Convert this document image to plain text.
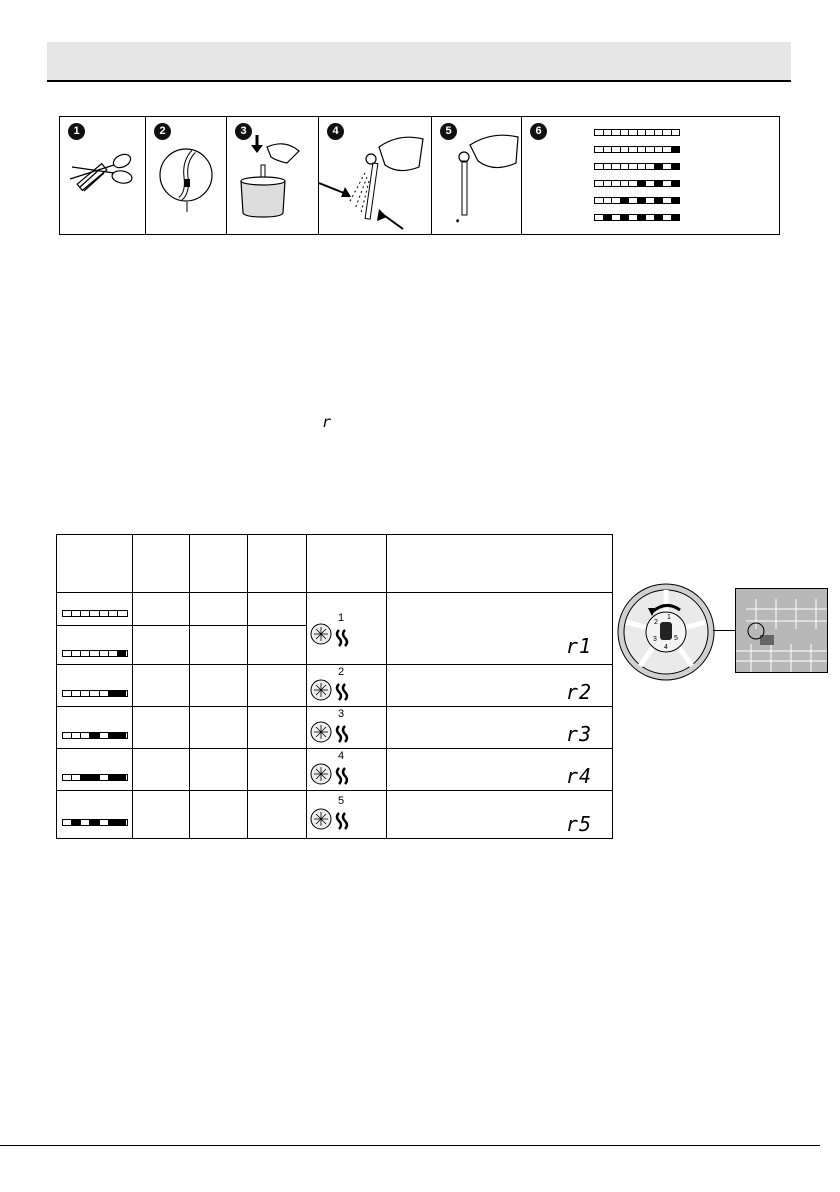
1	2	3	4	5	6
r

				1	r1

				2	r2

				3	r3

				4	r4

				5	r5
2
1
3 5
4
